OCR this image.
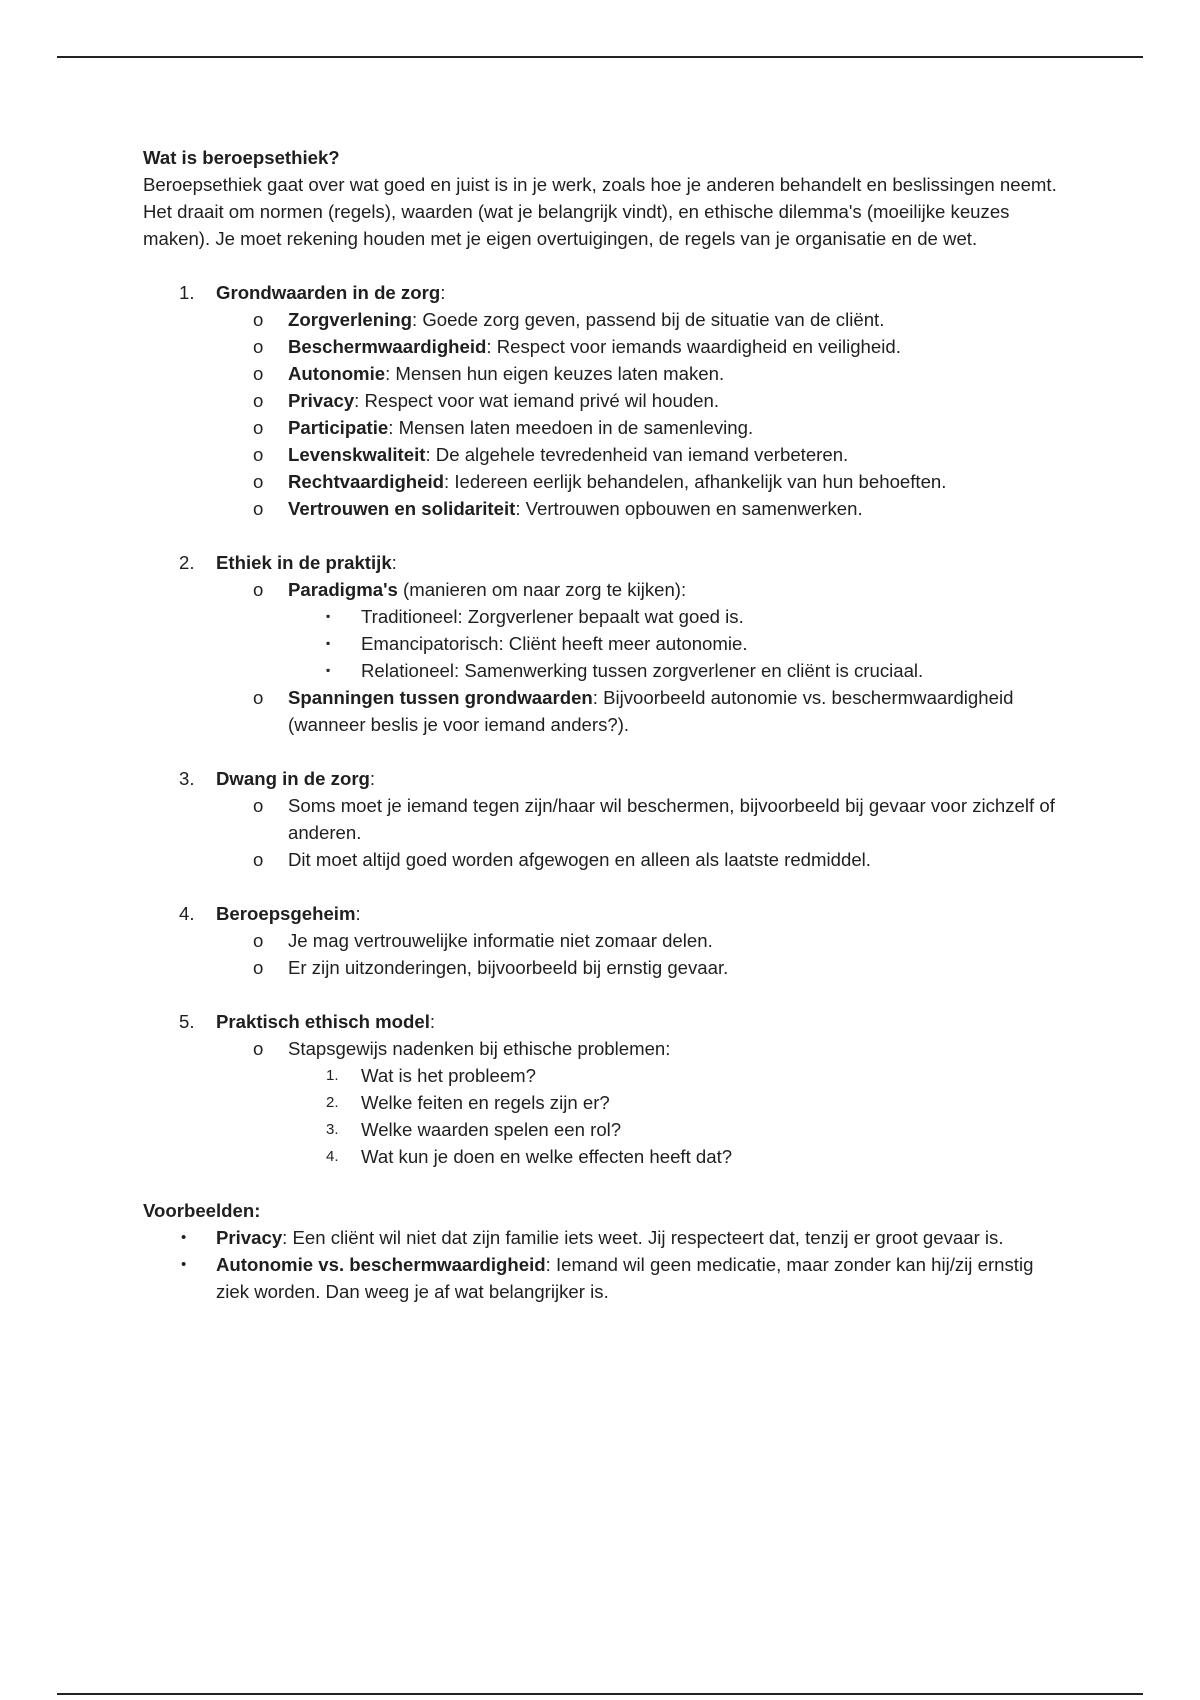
Wat is beroepsethiek?

Beroepsethiek gaat over wat goed en juist is in je werk, zoals hoe je anderen behandelt en beslissingen neemt. Het draait om normen (regels), waarden (wat je belangrijk vindt), en ethische dilemma's (moeilijke keuzes maken). Je moet rekening houden met je eigen overtuigingen, de regels van je organisatie en de wet.

1. Grondwaarden in de zorg:

o Zorgverlening: Goede zorg geven, passend bij de situatie van de cliënt.

o Beschermwaardigheid: Respect voor iemands waardigheid en veiligheid.

o Autonomie: Mensen hun eigen keuzes laten maken.

o Privacy: Respect voor wat iemand privé wil houden.

o Participatie: Mensen laten meedoen in de samenleving.

o Levenskwaliteit: De algehele tevredenheid van iemand verbeteren.

o Rechtvaardigheid: Iedereen eerlijk behandelen, afhankelijk van hun behoeften.

o Vertrouwen en solidariteit: Vertrouwen opbouwen en samenwerken.

2. Ethiek in de praktijk:

o Paradigma's (manieren om naar zorg te kijken):

▪ Traditioneel: Zorgverlener bepaalt wat goed is.

▪ Emancipatorisch: Cliënt heeft meer autonomie.

▪ Relationeel: Samenwerking tussen zorgverlener en cliënt is cruciaal.

o Spanningen tussen grondwaarden: Bijvoorbeeld autonomie vs. beschermwaardigheid (wanneer beslis je voor iemand anders?).

3. Dwang in de zorg:

o Soms moet je iemand tegen zijn/haar wil beschermen, bijvoorbeeld bij gevaar voor zichzelf of anderen.

o Dit moet altijd goed worden afgewogen en alleen als laatste redmiddel.

4. Beroepsgeheim:

o Je mag vertrouwelijke informatie niet zomaar delen.

o Er zijn uitzonderingen, bijvoorbeeld bij ernstig gevaar.

5. Praktisch ethisch model:

o Stapsgewijs nadenken bij ethische problemen:

1. Wat is het probleem?

2. Welke feiten en regels zijn er?

3. Welke waarden spelen een rol?

4. Wat kun je doen en welke effecten heeft dat?

Voorbeelden:

• Privacy: Een cliënt wil niet dat zijn familie iets weet. Jij respecteert dat, tenzij er groot gevaar is.

• Autonomie vs. beschermwaardigheid: Iemand wil geen medicatie, maar zonder kan hij/zij ernstig ziek worden. Dan weeg je af wat belangrijker is.
